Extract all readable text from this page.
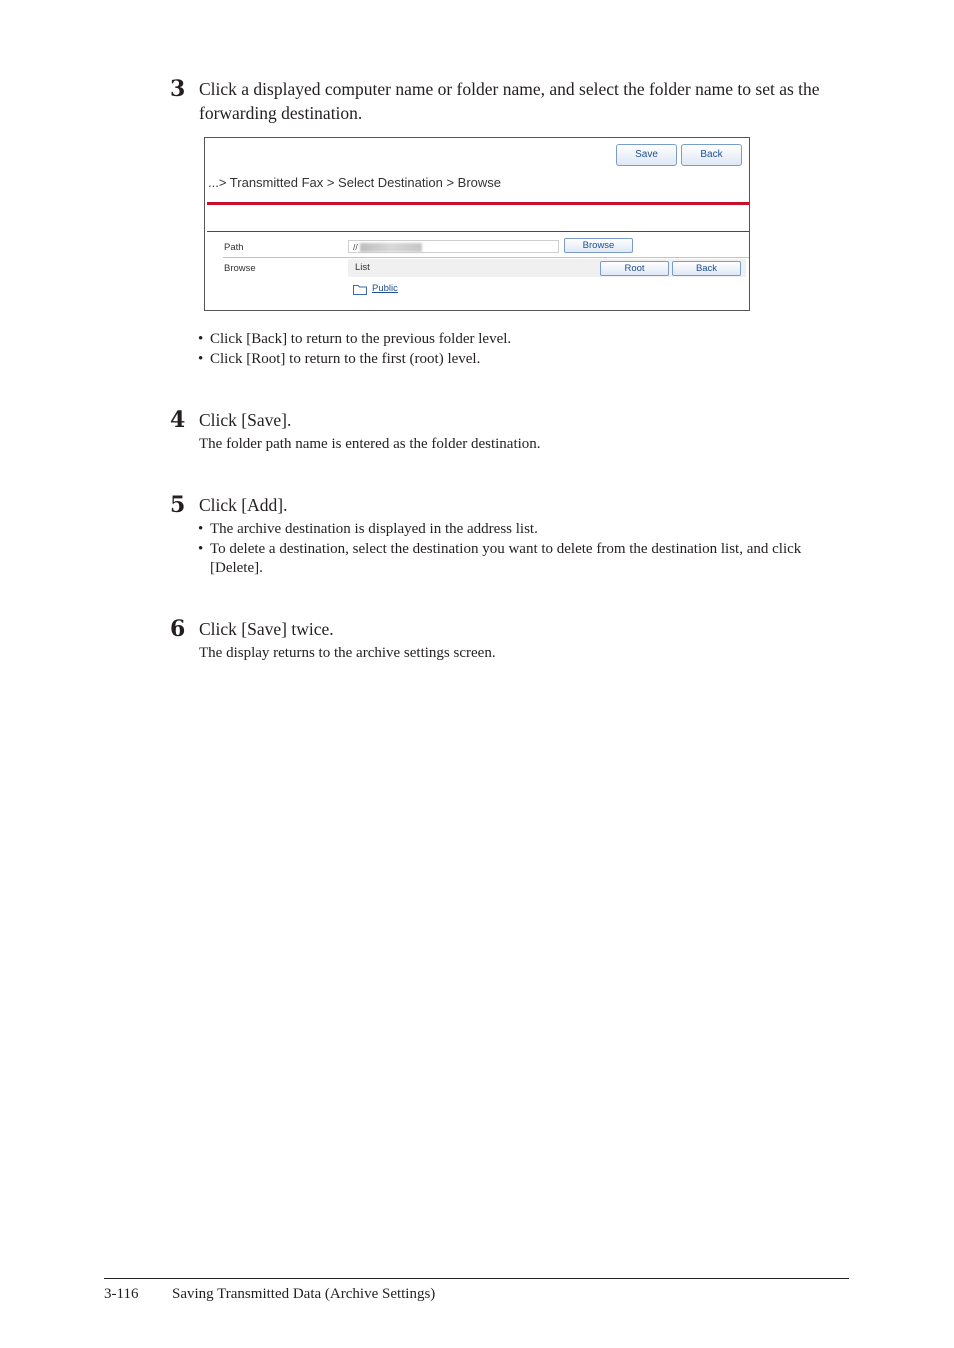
3 Click a displayed computer name or folder name, and select the folder name to set as the forwarding destination.
Save	Back
...> Transmitted Fax > Select Destination > Browse
Path	//	Browse
Browse	List	Root	Back
Public
• Click [Back] to return to the previous folder level.
• Click [Root] to return to the first (root) level.
4 Click [Save].
The folder path name is entered as the folder destination.
5 Click [Add].
• The archive destination is displayed in the address list.
• To delete a destination, select the destination you want to delete from the destination list, and click [Delete].
6 Click [Save] twice.
The display returns to the archive settings screen.
3-116 Saving Transmitted Data (Archive Settings)
